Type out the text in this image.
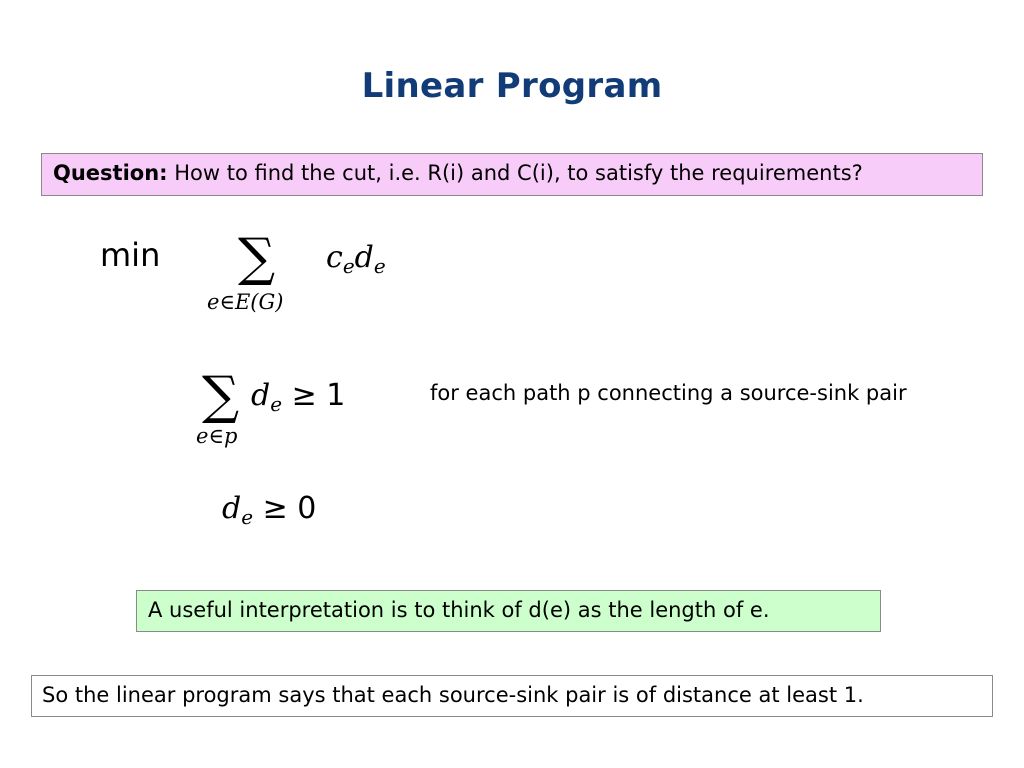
Linear Program
Question: How to find the cut, i.e. R(i) and C(i), to satisfy the requirements?
min ∑
e∈E(G)
$c_ed_e$
∑
e∈p
$d_e \ge 1$	for each path p connecting a source-sink pair
$d_e \ge 0$
A useful interpretation is to think of d(e) as the length of e.
So the linear program says that each source-sink pair is of distance at least 1.
